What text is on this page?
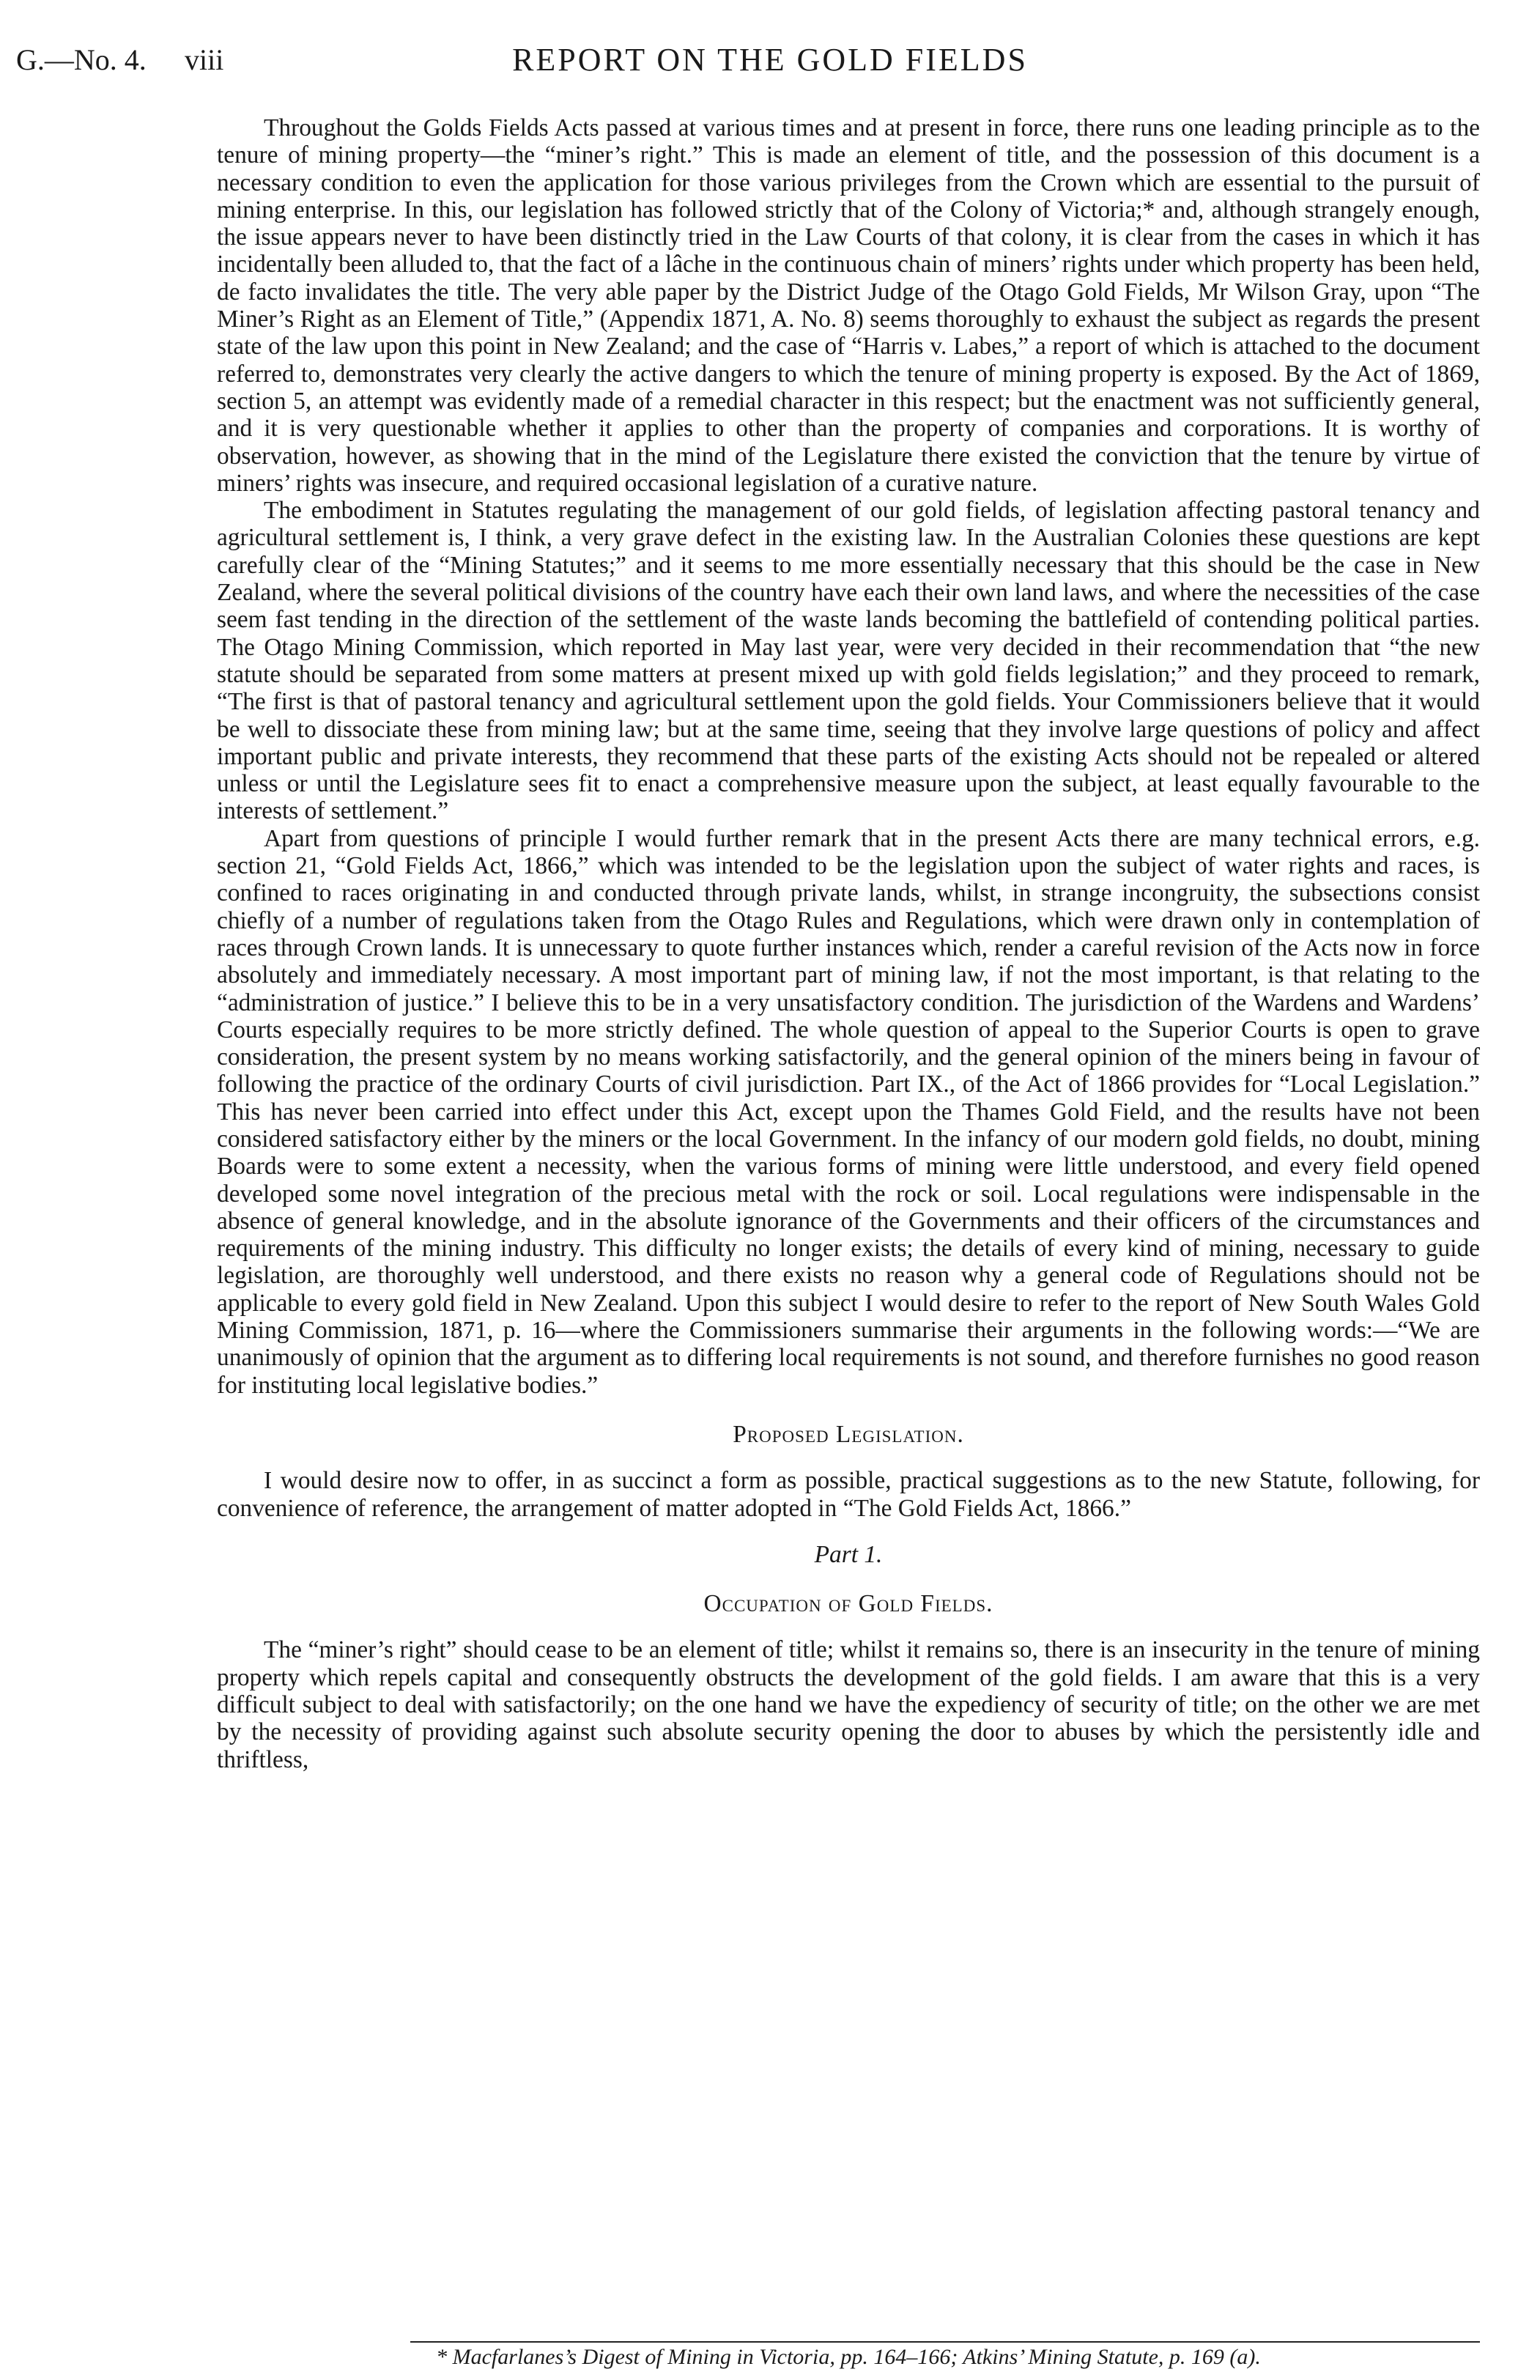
G.—No. 4. viii	REPORT ON THE GOLD FIELDS

Throughout the Golds Fields Acts passed at various times and at present in force, there runs one leading principle as to the tenure of mining property—the “miner’s right.” This is made an element of title, and the possession of this document is a necessary condition to even the application for those various privileges from the Crown which are essential to the pursuit of mining enterprise. In this, our legislation has followed strictly that of the Colony of Victoria;* and, although strangely enough, the issue appears never to have been distinctly tried in the Law Courts of that colony, it is clear from the cases in which it has incidentally been alluded to, that the fact of a lâche in the continuous chain of miners’ rights under which property has been held, de facto invalidates the title. The very able paper by the District Judge of the Otago Gold Fields, Mr Wilson Gray, upon “The Miner’s Right as an Element of Title,” (Appendix 1871, A. No. 8) seems thoroughly to exhaust the subject as regards the present state of the law upon this point in New Zealand; and the case of “Harris v. Labes,” a report of which is attached to the document referred to, demonstrates very clearly the active dangers to which the tenure of mining property is exposed. By the Act of 1869, section 5, an attempt was evidently made of a remedial character in this respect; but the enactment was not sufficiently general, and it is very questionable whether it applies to other than the property of companies and corporations. It is worthy of observation, however, as showing that in the mind of the Legislature there existed the conviction that the tenure by virtue of miners’ rights was insecure, and required occasional legislation of a curative nature.

The embodiment in Statutes regulating the management of our gold fields, of legislation affecting pastoral tenancy and agricultural settlement is, I think, a very grave defect in the existing law. In the Australian Colonies these questions are kept carefully clear of the “Mining Statutes;” and it seems to me more essentially necessary that this should be the case in New Zealand, where the several political divisions of the country have each their own land laws, and where the necessities of the case seem fast tending in the direction of the settlement of the waste lands becoming the battlefield of contending political parties. The Otago Mining Commission, which reported in May last year, were very decided in their recommendation that “the new statute should be separated from some matters at present mixed up with gold fields legislation;” and they proceed to remark, “The first is that of pastoral tenancy and agricultural settlement upon the gold fields. Your Commissioners believe that it would be well to dissociate these from mining law; but at the same time, seeing that they involve large questions of policy and affect important public and private interests, they recommend that these parts of the existing Acts should not be repealed or altered unless or until the Legislature sees fit to enact a comprehensive measure upon the subject, at least equally favourable to the interests of settlement.”

Apart from questions of principle I would further remark that in the present Acts there are many technical errors, e.g. section 21, “Gold Fields Act, 1866,” which was intended to be the legislation upon the subject of water rights and races, is confined to races originating in and conducted through private lands, whilst, in strange incongruity, the subsections consist chiefly of a number of regulations taken from the Otago Rules and Regulations, which were drawn only in contemplation of races through Crown lands. It is unnecessary to quote further instances which, render a careful revision of the Acts now in force absolutely and immediately necessary. A most important part of mining law, if not the most important, is that relating to the “administration of justice.” I believe this to be in a very unsatisfactory condition. The jurisdiction of the Wardens and Wardens’ Courts especially requires to be more strictly defined. The whole question of appeal to the Superior Courts is open to grave consideration, the present system by no means working satisfactorily, and the general opinion of the miners being in favour of following the practice of the ordinary Courts of civil jurisdiction. Part IX., of the Act of 1866 provides for “Local Legislation.” This has never been carried into effect under this Act, except upon the Thames Gold Field, and the results have not been considered satisfactory either by the miners or the local Government. In the infancy of our modern gold fields, no doubt, mining Boards were to some extent a necessity, when the various forms of mining were little understood, and every field opened developed some novel integration of the precious metal with the rock or soil. Local regulations were indispensable in the absence of general knowledge, and in the absolute ignorance of the Governments and their officers of the circumstances and requirements of the mining industry. This difficulty no longer exists; the details of every kind of mining, necessary to guide legislation, are thoroughly well understood, and there exists no reason why a general code of Regulations should not be applicable to every gold field in New Zealand. Upon this subject I would desire to refer to the report of New South Wales Gold Mining Commission, 1871, p. 16—where the Commissioners summarise their arguments in the following words:—“We are unanimously of opinion that the argument as to differing local requirements is not sound, and therefore furnishes no good reason for instituting local legislative bodies.”

Proposed Legislation.

I would desire now to offer, in as succinct a form as possible, practical suggestions as to the new Statute, following, for convenience of reference, the arrangement of matter adopted in “The Gold Fields Act, 1866.”

Part 1.

Occupation of Gold Fields.

The “miner’s right” should cease to be an element of title; whilst it remains so, there is an insecurity in the tenure of mining property which repels capital and consequently obstructs the development of the gold fields. I am aware that this is a very difficult subject to deal with satisfactorily; on the one hand we have the expediency of security of title; on the other we are met by the necessity of providing against such absolute security opening the door to abuses by which the persistently idle and thriftless,

* Macfarlanes’s Digest of Mining in Victoria, pp. 164–166; Atkins’ Mining Statute, p. 169 (a).
